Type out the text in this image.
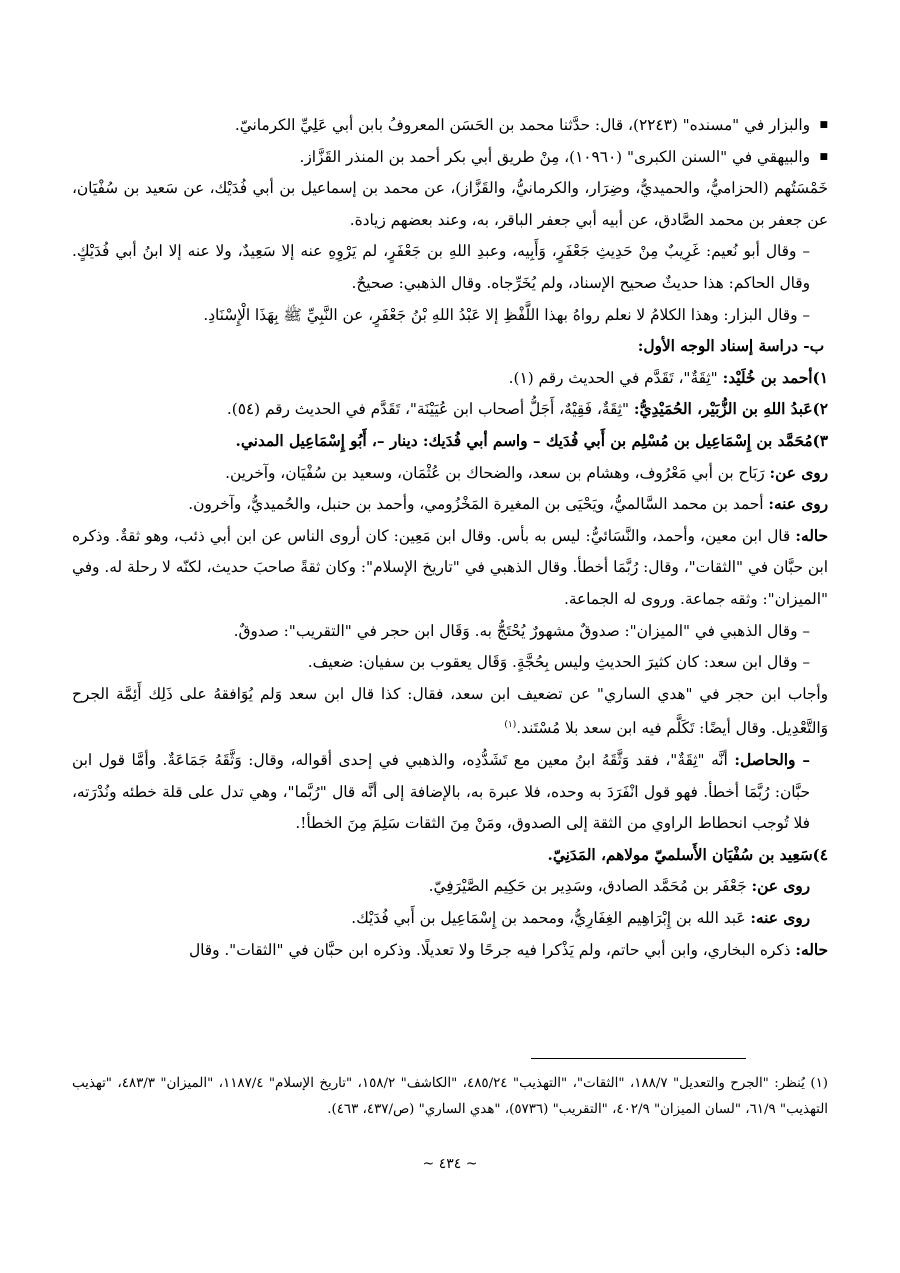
■ والبزار في "مسنده" (٢٢٤٣)، قال: حدَّثنا محمد بن الحَسَن المعروفُ بابن أبي عَلِيِّ الكرمانيّ.

■ والبيهقي في "السنن الكبرى" (١٠٩٦٠)، مِنْ طريق أبي بكر أحمد بن المنذر القَزَّاز.

خَمْسَتُهم (الحزاميُّ، والحميديُّ، وضِرَار، والكرمانيُّ، والقَزَّاز)، عن محمد بن إسماعيل بن أبي فُدَيْك، عن سَعيد بن سُفْيَان، عن جعفر بن محمد الصَّادق، عن أبيه أبي جعفر الباقر، به، وعند بعضهم زيادة.

– وقال أبو نُعيم: غَرِيبٌ مِنْ حَدِيثِ جَعْفَرٍ، وَأَبِيه، وعبدِ اللهِ بن جَعْفَرٍ، لم يَرْوِهِ عنه إلا سَعِيدٌ، ولا عنه إلا ابنُ أبي فُدَيْكٍ. وقال الحاكم: هذا حديثٌ صحيح الإسناد، ولم يُخَرِّجاه. وقال الذهبي: صحيحٌ.

– وقال البزار: وهذا الكلامُ لا نعلم رواهُ بهذا اللَّفْظِ إلا عَبْدُ اللهِ بْنُ جَعْفَرٍ، عن النَّبِيِّ ﷺ بِهَذَا الْإِسْنَادِ.

ب- دراسة إسناد الوجه الأول:

١)أحمد بن خُلَيْد: "ثِقَةٌ"، تَقَدَّم في الحديث رقم (١).

٢)عَبدُ اللهِ بن الزُّبَيْر، الحُمَيْدِيُّ: "ثِقَةٌ، فَقِيْهٌ، أَجَلُّ أصحاب ابن عُيَيْنَة"، تَقَدَّم في الحديث رقم (٥٤).

٣)مُحَمَّد بن إِسْمَاعِيل بن مُسْلِم بن أَبي فُدَيك – واسم أبي فُدَيك: دينار –، أَبُو إِسْمَاعِيل المدني.

روى عن: رَبَاح بن أبي مَعْرُوف، وهشام بن سعد، والضحاك بن عُثْمَان، وسعيد بن سُفْيَان، وآخرين.

روى عنه: أحمد بن محمد السَّالميُّ، ويَحْيَى بن المغيرة المَخْزُومي، وأحمد بن حنبل، والحُميديُّ، وآخرون.

حاله: قال ابن معين، وأحمد، والنَّسَائيُّ: ليس به بأس. وقال ابن مَعِين: كان أروى الناس عن ابن أبي ذئب، وهو ثقةٌ. وذكره ابن حبَّان في "الثقات"، وقال: رُبَّمَا أخطأ. وقال الذهبي في "تاريخ الإسلام": وكان ثقةً صاحبَ حديث، لكنّه لا رحلة له. وفي "الميزان": وثقه جماعة. وروى له الجماعة.

– وقال الذهبي في "الميزان": صدوقٌ مشهورٌ يُحْتَجُّ به. وَقَال ابن حجر في "التقريب": صدوقٌ.

– وقال ابن سعد: كان كثيرَ الحديثِ وليس بِحُجَّةٍ. وَقَال يعقوب بن سفيان: ضعيف.

وأجاب ابن حجر في "هدي الساري" عن تضعيف ابن سعد، فقال: كذا قال ابن سعد وَلم يُوَافقهُ على ذَلِك أَئِمَّة الجرح وَالتَّعْدِيل. وقال أيضًا: تَكَلَّم فيه ابن سعد بلا مُسْتَند.$^{(١)}$

– والحاصل: أنَّه "ثِقَةٌ"، فقد وَثَّقَهُ ابنُ معين مع تَشَدُّدِه، والذهبي في إحدى أقواله، وقال: وَثَّقَهُ جَمَاعَةٌ. وأمَّا قول ابن حبَّان: رُبَّمَا أخطأ. فهو قول انْفَرَدَ به وحده، فلا عبرة به، بالإضافة إلى أنَّه قال "رُبَّما"، وهي تدل على قلة خطئه ونُدْرَته، فلا تُوجب انحطاط الراوي من الثقة إلى الصدوق، ومَنْ مِنَ الثقات سَلِمَ مِنَ الخطأ!.

٤)سَعِيد بن سُفْيَان الأَسلميّ مولاهم، المَدَنِيّ.

روى عن: جَعْفَر بن مُحَمَّد الصادق، وسَدِير بن حَكِيم الصَّيْرَفِيّ.

روى عنه: عَبد الله بن إِبْرَاهِيم الغِفَارِيُّ، ومحمد بن إِسْمَاعِيل بن أَبي فُدَيْك.

حاله: ذكره البخاري، وابن أبي حاتم، ولم يَذْكرا فيه جرحًا ولا تعديلًا. وذكره ابن حبَّان في "الثقات". وقال

(١) يُنظر: "الجرح والتعديل" ١٨٨/٧، "الثقات"، "التهذيب" ٤٨٥/٢٤، "الكاشف" ١٥٨/٢، "تاريخ الإسلام" ١١٨٧/٤، "الميزان" ٤٨٣/٣، "تهذيب التهذيب" ٦١/٩، "لسان الميزان" ٤٠٢/٩، "التقريب" (٥٧٣٦)، "هدي الساري" (ص/٤٣٧، ٤٦٣).

~ ٤٣٤ ~
